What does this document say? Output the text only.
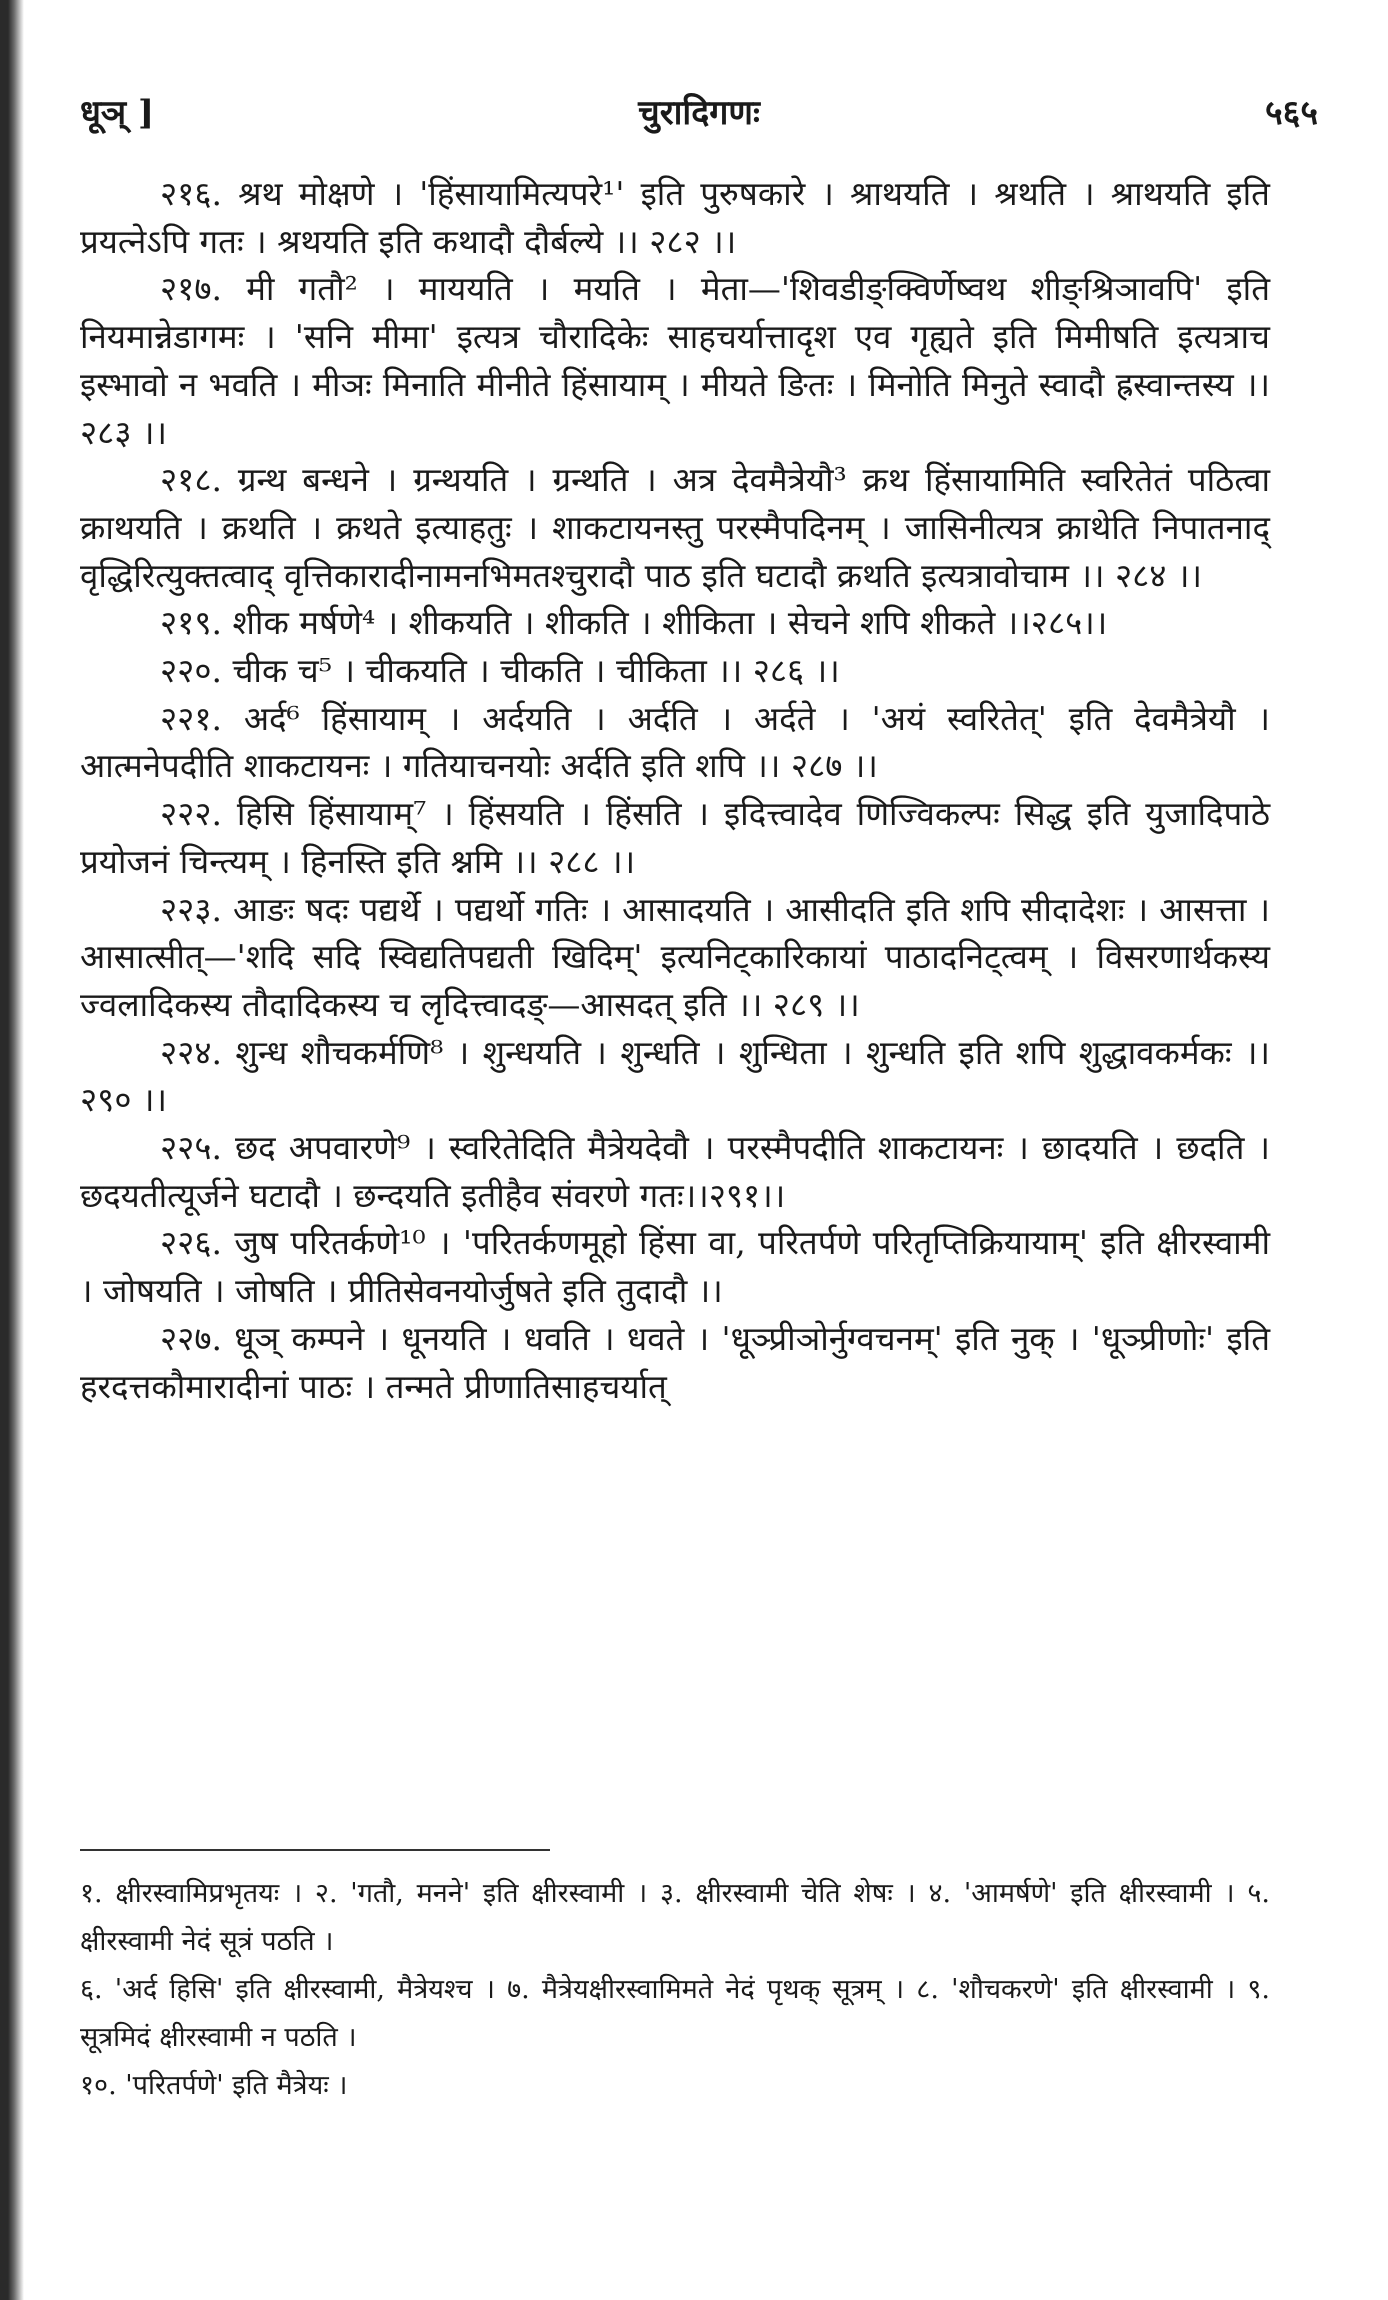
धूञ् ]	चुरादिगणः	५६५

२१६. श्रथ मोक्षणे । 'हिंसायामित्यपरे¹' इति पुरुषकारे । श्राथयति । श्रथति । श्राथयति इति प्रयत्नेऽपि गतः । श्रथयति इति कथादौ दौर्बल्ये ।। २८२ ।।

२१७. मी गतौ² । माययति । मयति । मेता—'शिवडीङ्क्विर्णेष्वथ शीङ्श्रिञावपि' इति नियमान्नेडागमः । 'सनि मीमा' इत्यत्र चौरादिकेः साहचर्यात्तादृश एव गृह्यते इति मिमीषति इत्यत्राच इस्भावो न भवति । मीञः मिनाति मीनीते हिंसायाम् । मीयते ङितः । मिनोति मिनुते स्वादौ ह्रस्वान्तस्य ।। २८३ ।।

२१८. ग्रन्थ बन्धने । ग्रन्थयति । ग्रन्थति । अत्र देवमैत्रेयौ³ क्रथ हिंसायामिति स्वरितेतं पठित्वा क्राथयति । क्रथति । क्रथते इत्याहतुः । शाकटायनस्तु परस्मैपदिनम् । जासिनीत्यत्र क्राथेति निपातनाद् वृद्धिरित्युक्तत्वाद् वृत्तिकारादीनामनभिमतश्चुरादौ पाठ इति घटादौ क्रथति इत्यत्रावोचाम ।। २८४ ।।

२१९. शीक मर्षणे⁴ । शीकयति । शीकति । शीकिता । सेचने शपि शीकते ।।२८५।।

२२०. चीक च⁵ । चीकयति । चीकति । चीकिता ।। २८६ ।।

२२१. अर्द⁶ हिंसायाम् । अर्दयति । अर्दति । अर्दते । 'अयं स्वरितेत्' इति देवमैत्रेयौ । आत्मनेपदीति शाकटायनः । गतियाचनयोः अर्दति इति शपि ।। २८७ ।।

२२२. हिसि हिंसायाम्⁷ । हिंसयति । हिंसति । इदित्त्वादेव णिज्विकल्पः सिद्ध इति युजादिपाठे प्रयोजनं चिन्त्यम् । हिनस्ति इति श्नमि ।। २८८ ।।

२२३. आङः षदः पद्यर्थे । पद्यर्थो गतिः । आसादयति । आसीदति इति शपि सीदादेशः । आसत्ता । आसात्सीत्—'शदि सदि स्विद्यतिपद्यती खिदिम्' इत्यनिट्कारिकायां पाठादनिट्त्वम् । विसरणार्थकस्य ज्वलादिकस्य तौदादिकस्य च लृदित्त्वादङ्—आसदत् इति ।। २८९ ।।

२२४. शुन्ध शौचकर्मणि⁸ । शुन्धयति । शुन्धति । शुन्धिता । शुन्धति इति शपि शुद्धावकर्मकः ।। २९० ।।

२२५. छद अपवारणे⁹ । स्वरितेदिति मैत्रेयदेवौ । परस्मैपदीति शाकटायनः । छादयति । छदति । छदयतीत्यूर्जने घटादौ । छन्दयति इतीहैव संवरणे गतः।।२९१।।

२२६. जुष परितर्कणे¹⁰ । 'परितर्कणमूहो हिंसा वा, परितर्पणे परितृप्तिक्रियायाम्' इति क्षीरस्वामी । जोषयति । जोषति । प्रीतिसेवनयोर्जुषते इति तुदादौ ।।

२२७. धूञ् कम्पने । धूनयति । धवति । धवते । 'धूञ्प्रीञोर्नुग्वचनम्' इति नुक् । 'धूञ्प्रीणोः' इति हरदत्तकौमारादीनां पाठः । तन्मते प्रीणातिसाहचर्यात्

१. क्षीरस्वामिप्रभृतयः । २. 'गतौ, मनने' इति क्षीरस्वामी । ३. क्षीरस्वामी चेति शेषः । ४. 'आमर्षणे' इति क्षीरस्वामी । ५. क्षीरस्वामी नेदं सूत्रं पठति ।

६. 'अर्द हिसि' इति क्षीरस्वामी, मैत्रेयश्च । ७. मैत्रेयक्षीरस्वामिमते नेदं पृथक् सूत्रम् । ८. 'शौचकरणे' इति क्षीरस्वामी । ९. सूत्रमिदं क्षीरस्वामी न पठति ।

१०. 'परितर्पणे' इति मैत्रेयः ।
